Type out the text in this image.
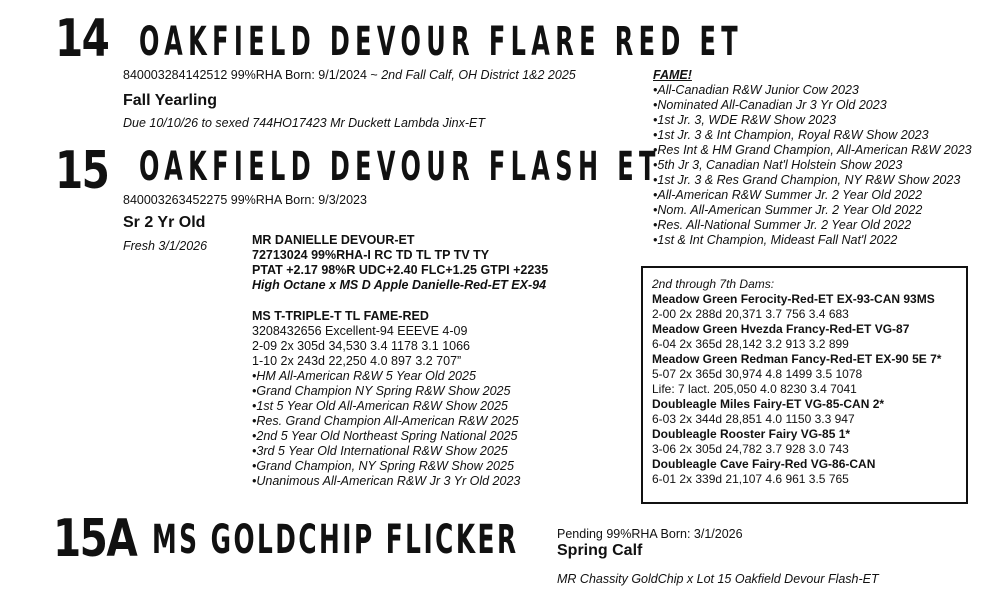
14 OAKFIELD DEVOUR FLARE RED ET
840003284142512 99%RHA Born: 9/1/2024 ~ 2nd Fall Calf, OH District 1&2 2025
Fall Yearling
Due 10/10/26 to sexed 744HO17423 Mr Duckett Lambda Jinx-ET
FAME!
•All-Canadian R&W Junior Cow 2023
•Nominated All-Canadian Jr 3 Yr Old 2023
•1st Jr. 3, WDE R&W Show 2023
•1st Jr. 3 & Int Champion, Royal R&W Show 2023
•Res Int & HM Grand Champion, All-American R&W 2023
•5th Jr 3, Canadian Nat'l Holstein Show 2023
•1st Jr. 3 & Res Grand Champion, NY R&W Show 2023
•All-American R&W Summer Jr. 2 Year Old 2022
•Nom. All-American Summer Jr. 2 Year Old 2022
•Res. All-National Summer Jr. 2 Year Old 2022
•1st & Int Champion, Mideast Fall Nat'l 2022
15 OAKFIELD DEVOUR FLASH ET
840003263452275 99%RHA Born: 9/3/2023
Sr 2 Yr Old
Fresh 3/1/2026	MR DANIELLE DEVOUR-ET
72713024 99%RHA-I RC TD TL TP TV TY
PTAT +2.17 98%R UDC+2.40 FLC+1.25 GTPI +2235
High Octane x MS D Apple Danielle-Red-ET EX-94
MS T-TRIPLE-T TL FAME-RED
3208432656 Excellent-94 EEEVE 4-09
2-09 2x 305d 34,530 3.4 1178 3.1 1066
1-10 2x 243d 22,250 4.0 897 3.2 707”
•HM All-American R&W 5 Year Old 2025
•Grand Champion NY Spring R&W Show 2025
•1st 5 Year Old All-American R&W Show 2025
•Res. Grand Champion All-American R&W 2025
•2nd 5 Year Old Northeast Spring National 2025
•3rd 5 Year Old International R&W Show 2025
•Grand Champion, NY Spring R&W Show 2025
•Unanimous All-American R&W Jr 3 Yr Old 2023
2nd through 7th Dams:
Meadow Green Ferocity-Red-ET EX-93-CAN 93MS
2-00 2x 288d 20,371 3.7 756 3.4 683
Meadow Green Hvezda Francy-Red-ET VG-87
6-04 2x 365d 28,142 3.2 913 3.2 899
Meadow Green Redman Fancy-Red-ET EX-90 5E 7*
5-07 2x 365d 30,974 4.8 1499 3.5 1078
Life: 7 lact. 205,050 4.0 8230 3.4 7041
Doubleagle Miles Fairy-ET VG-85-CAN 2*
6-03 2x 344d 28,851 4.0 1150 3.3 947
Doubleagle Rooster Fairy VG-85 1*
3-06 2x 305d 24,782 3.7 928 3.0 743
Doubleagle Cave Fairy-Red VG-86-CAN
6-01 2x 339d 21,107 4.6 961 3.5 765
15A MS GOLDCHIP FLICKER	Pending 99%RHA Born: 3/1/2026
Spring Calf
MR Chassity GoldChip x Lot 15 Oakfield Devour Flash-ET
